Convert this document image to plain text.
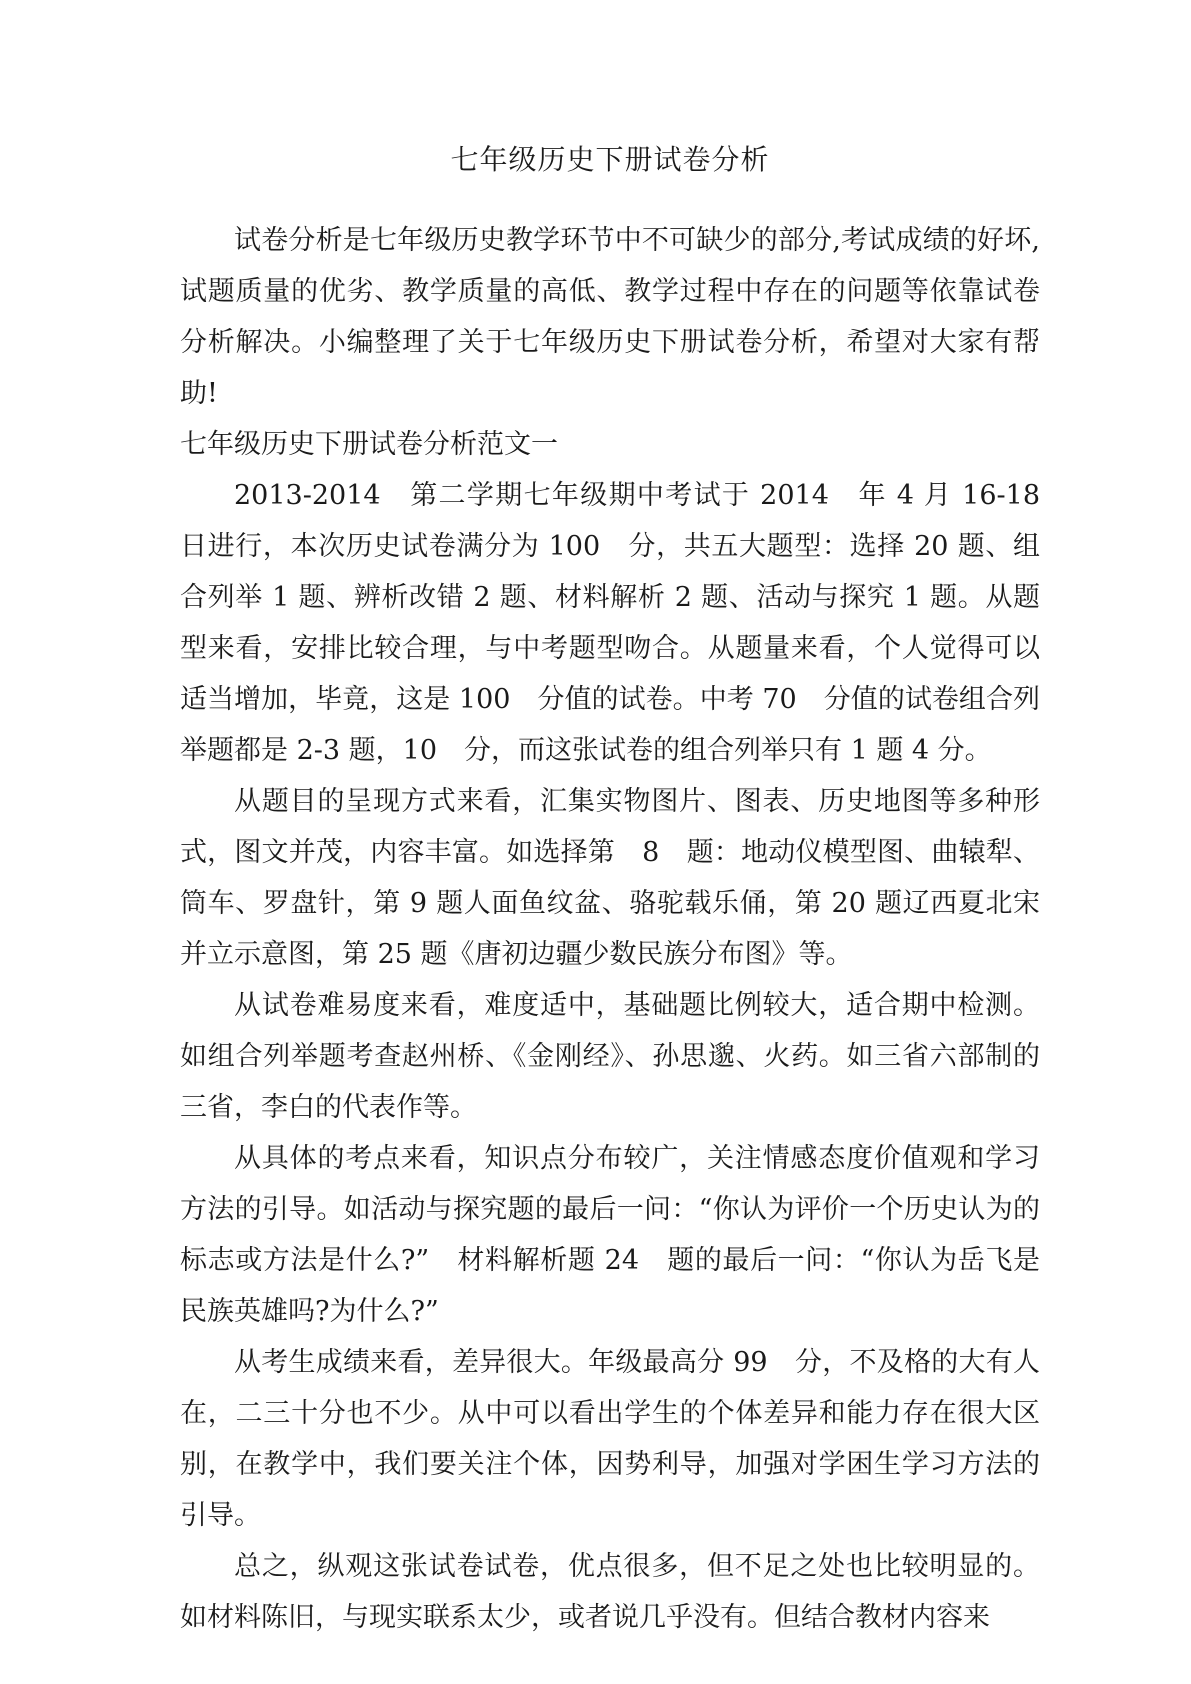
七年级历史下册试卷分析

试卷分析是七年级历史教学环节中不可缺少的部分,考试成绩的好坏,试题质量的优劣、教学质量的高低、教学过程中存在的问题等依靠试卷分析解决。小编整理了关于七年级历史下册试卷分析，希望对大家有帮助!

七年级历史下册试卷分析范文一

2013-2014　第二学期七年级期中考试于 2014　年 4 月 16-18　日进行，本次历史试卷满分为 100　分，共五大题型：选择 20 题、组合列举 1 题、辨析改错 2 题、材料解析 2 题、活动与探究 1 题。从题型来看，安排比较合理，与中考题型吻合。从题量来看，个人觉得可以适当增加，毕竟，这是 100　分值的试卷。中考 70　分值的试卷组合列举题都是 2-3 题，10　分，而这张试卷的组合列举只有 1 题 4 分。

从题目的呈现方式来看，汇集实物图片、图表、历史地图等多种形式，图文并茂，内容丰富。如选择第　8　题：地动仪模型图、曲辕犁、筒车、罗盘针，第 9 题人面鱼纹盆、骆驼载乐俑，第 20 题辽西夏北宋并立示意图，第 25 题《唐初边疆少数民族分布图》等。

从试卷难易度来看，难度适中，基础题比例较大，适合期中检测。如组合列举题考查赵州桥、《金刚经》、孙思邈、火药。如三省六部制的三省，李白的代表作等。

从具体的考点来看，知识点分布较广，关注情感态度价值观和学习方法的引导。如活动与探究题的最后一问：“你认为评价一个历史认为的标志或方法是什么?”　材料解析题 24　题的最后一问：“你认为岳飞是民族英雄吗?为什么?”

从考生成绩来看，差异很大。年级最高分 99　分，不及格的大有人在，二三十分也不少。从中可以看出学生的个体差异和能力存在很大区别，在教学中，我们要关注个体，因势利导，加强对学困生学习方法的引导。

总之，纵观这张试卷试卷，优点很多，但不足之处也比较明显的。如材料陈旧，与现实联系太少，或者说几乎没有。但结合教材内容来
